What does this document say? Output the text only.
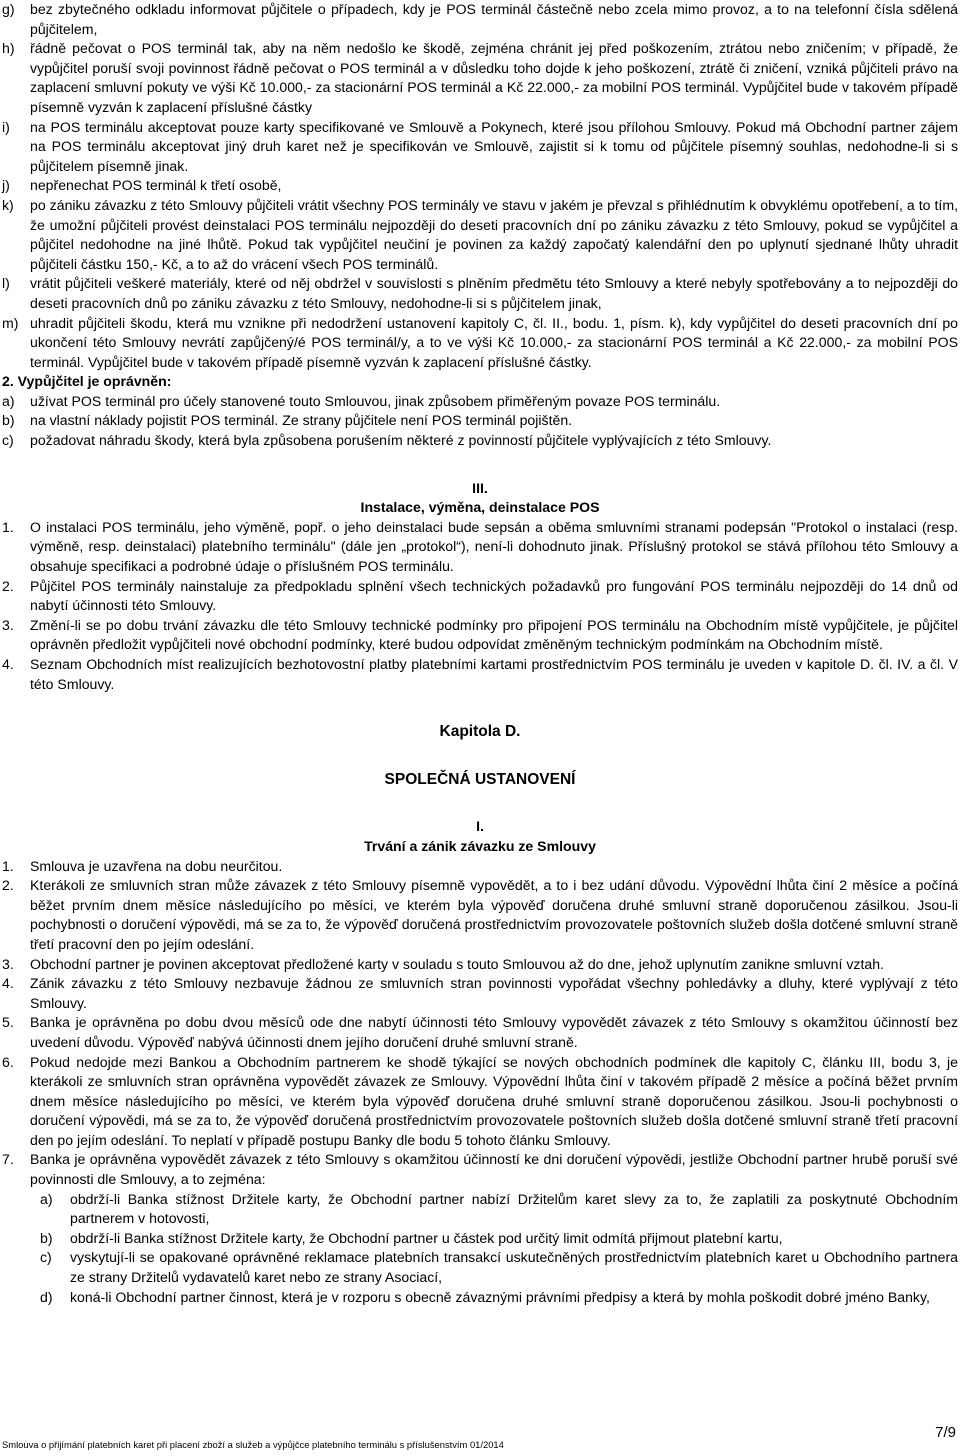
g)	bez zbytečného odkladu informovat půjčitele o případech, kdy je POS terminál částečně nebo zcela mimo provoz, a to na telefonní čísla sdělená půjčitelem,
h)	řádně pečovat o POS terminál tak, aby na něm nedošlo ke škodě, zejména chránit jej před poškozením, ztrátou nebo zničením; v případě, že vypůjčitel poruší svoji povinnost řádně pečovat o POS terminál a v důsledku toho dojde k jeho poškození, ztrátě či zničení, vzniká půjčiteli právo na zaplacení smluvní pokuty ve výši Kč 10.000,- za stacionární POS terminál a Kč 22.000,- za mobilní POS terminál. Vypůjčitel bude v takovém případě písemně vyzván k zaplacení příslušné částky
i)	na POS terminálu akceptovat pouze karty specifikované ve Smlouvě a Pokynech, které jsou přílohou Smlouvy. Pokud má Obchodní partner zájem na POS terminálu akceptovat jiný druh karet než je specifikován ve Smlouvě, zajistit si k tomu od půjčitele písemný souhlas, nedohodne-li si s půjčitelem písemně jinak.
j)	nepřenechat POS terminál k třetí osobě,
k)	po zániku závazku z této Smlouvy půjčiteli vrátit všechny POS terminály ve stavu v jakém je převzal s přihlédnutím k obvyklému opotřebení, a to tím, že umožní půjčiteli provést deinstalaci POS terminálu nejpozději do deseti pracovních dní po zániku závazku z této Smlouvy, pokud se vypůjčitel a půjčitel nedohodne na jiné lhůtě. Pokud tak vypůjčitel neučiní je povinen za každý započatý kalendářní den po uplynutí sjednané lhůty uhradit půjčiteli částku 150,- Kč, a to až do vrácení všech POS terminálů.
l)	vrátit půjčiteli veškeré materiály, které od něj obdržel v souvislosti s plněním předmětu této Smlouvy a které nebyly spotřebovány a to nejpozději do deseti pracovních dnů po zániku závazku z této Smlouvy, nedohodne-li si s půjčitelem jinak,
m) uhradit půjčiteli škodu, která mu vznikne při nedodržení ustanovení kapitoly C, čl. II., bodu. 1, písm. k), kdy vypůjčitel do deseti pracovních dní po ukončení této Smlouvy nevrátí zapůjčený/é POS terminál/y, a to ve výši Kč 10.000,- za stacionární POS terminál a Kč 22.000,- za mobilní POS terminál. Vypůjčitel bude v takovém případě písemně vyzván k zaplacení příslušné částky.
2. Vypůjčitel je oprávněn:
a)	užívat POS terminál pro účely stanovené touto Smlouvou, jinak způsobem přiměřeným povaze POS terminálu.
b)	na vlastní náklady pojistit POS terminál. Ze strany půjčitele není POS terminál pojištěn.
c)	požadovat náhradu škody, která byla způsobena porušením některé z povinností půjčitele vyplývajících z této Smlouvy.
III.
Instalace, výměna, deinstalace POS
1.	O instalaci POS terminálu, jeho výměně, popř. o jeho deinstalaci bude sepsán a oběma smluvními stranami podepsán "Protokol o instalaci (resp. výměně, resp. deinstalaci) platebního terminálu" (dále jen „protokol“), není-li dohodnuto jinak. Příslušný protokol se stává přílohou této Smlouvy a obsahuje specifikaci a podrobné údaje o příslušném POS terminálu.
2.	Půjčitel POS terminály nainstaluje za předpokladu splnění všech technických požadavků pro fungování POS terminálu nejpozději do 14 dnů od nabytí účinnosti této Smlouvy.
3.	Změní-li se po dobu trvání závazku dle této Smlouvy technické podmínky pro připojení POS terminálu na Obchodním místě vypůjčitele, je půjčitel oprávněn předložit vypůjčiteli nové obchodní podmínky, které budou odpovídat změněným technickým podmínkám na Obchodním místě.
4.	Seznam Obchodních míst realizujících bezhotovostní platby platebními kartami prostřednictvím POS terminálu je uveden v kapitole D. čl. IV. a čl. V této Smlouvy.
Kapitola D.
SPOLEČNÁ USTANOVENÍ
I.
Trvání a zánik závazku ze Smlouvy
1.	Smlouva je uzavřena na dobu neurčitou.
2.	Kterákoli ze smluvních stran může závazek z této Smlouvy písemně vypovědět, a to i bez udání důvodu. Výpovědní lhůta činí 2 měsíce a počíná běžet prvním dnem měsíce následujícího po měsíci, ve kterém byla výpověď doručena druhé smluvní straně doporučenou zásilkou. Jsou-li pochybnosti o doručení výpovědi, má se za to, že výpověď doručená prostřednictvím provozovatele poštovních služeb došla dotčené smluvní straně třetí pracovní den po jejím odeslání.
3.	Obchodní partner je povinen akceptovat předložené karty v souladu s touto Smlouvou až do dne, jehož uplynutím zanikne smluvní vztah.
4.	Zánik závazku z této Smlouvy nezbavuje žádnou ze smluvních stran povinnosti vypořádat všechny pohledávky a dluhy, které vyplývají z této Smlouvy.
5.	Banka je oprávněna po dobu dvou měsíců ode dne nabytí účinnosti této Smlouvy vypovědět závazek z této Smlouvy s okamžitou účinností bez uvedení důvodu. Výpověď nabývá účinnosti dnem jejího doručení druhé smluvní straně.
6.	Pokud nedojde mezi Bankou a Obchodním partnerem ke shodě týkající se nových obchodních podmínek dle kapitoly C, článku III, bodu 3, je kterákoli ze smluvních stran oprávněna vypovědět závazek ze Smlouvy. Výpovědní lhůta činí v takovém případě 2 měsíce a počíná běžet prvním dnem měsíce následujícího po měsíci, ve kterém byla výpověď doručena druhé smluvní straně doporučenou zásilkou. Jsou-li pochybnosti o doručení výpovědi, má se za to, že výpověď doručená prostřednictvím provozovatele poštovních služeb došla dotčené smluvní straně třetí pracovní den po jejím odeslání. To neplatí v případě postupu Banky dle bodu 5 tohoto článku Smlouvy.
7.	Banka je oprávněna vypovědět závazek z této Smlouvy s okamžitou účinností ke dni doručení výpovědi, jestliže Obchodní partner hrubě poruší své povinnosti dle Smlouvy, a to zejména:
a)	obdrží-li Banka stížnost Držitele karty, že Obchodní partner nabízí Držitelům karet slevy za to, že zaplatili za poskytnuté Obchodním partnerem v hotovosti,
b)	obdrží-li Banka stížnost Držitele karty, že Obchodní partner u částek pod určitý limit odmítá přijmout platební kartu,
c)	vyskytují-li se opakované oprávněné reklamace platebních transakcí uskutečněných prostřednictvím platebních karet u Obchodního partnera ze strany Držitelů vydavatelů karet nebo ze strany Asociací,
d)	koná-li Obchodní partner činnost, která je v rozporu s obecně závaznými právními předpisy a která by mohla poškodit dobré jméno Banky,
Smlouva o přijímání platebních karet při placení zboží a služeb a výpůjčce platebního terminálu s příslušenstvím 01/2014
7/9
